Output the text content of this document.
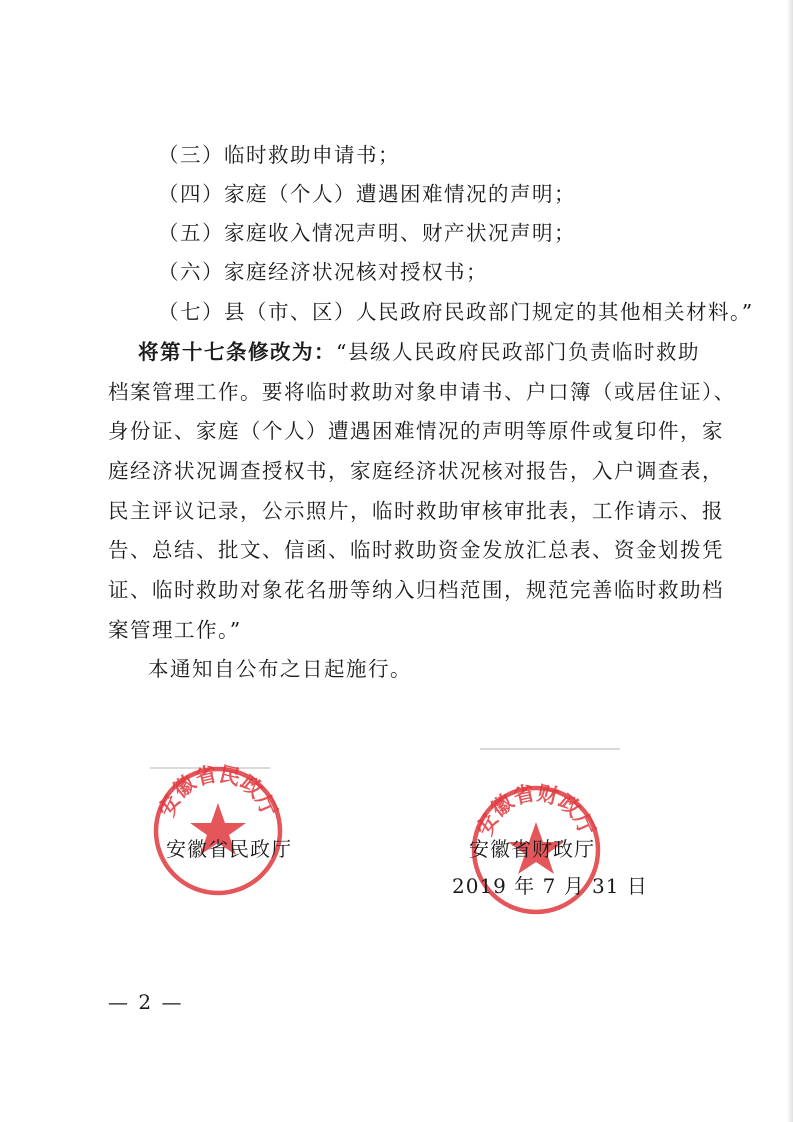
（三）临时救助申请书；
（四）家庭（个人）遭遇困难情况的声明；
（五）家庭收入情况声明、财产状况声明；
（六）家庭经济状况核对授权书；
（七）县（市、区）人民政府民政部门规定的其他相关材料。”
将第十七条修改为：“县级人民政府民政部门负责临时救助
档案管理工作。要将临时救助对象申请书、户口簿（或居住证）、
身份证、家庭（个人）遭遇困难情况的声明等原件或复印件，家
庭经济状况调查授权书，家庭经济状况核对报告，入户调查表，
民主评议记录，公示照片，临时救助审核审批表，工作请示、报
告、总结、批文、信函、临时救助资金发放汇总表、资金划拨凭
证、临时救助对象花名册等纳入归档范围，规范完善临时救助档
案管理工作。”
本通知自公布之日起施行。
安徽省民政厅
安徽省财政厅
安徽省民政厅	安徽省财政厅
2019 年 7 月 31 日
— 2 —
